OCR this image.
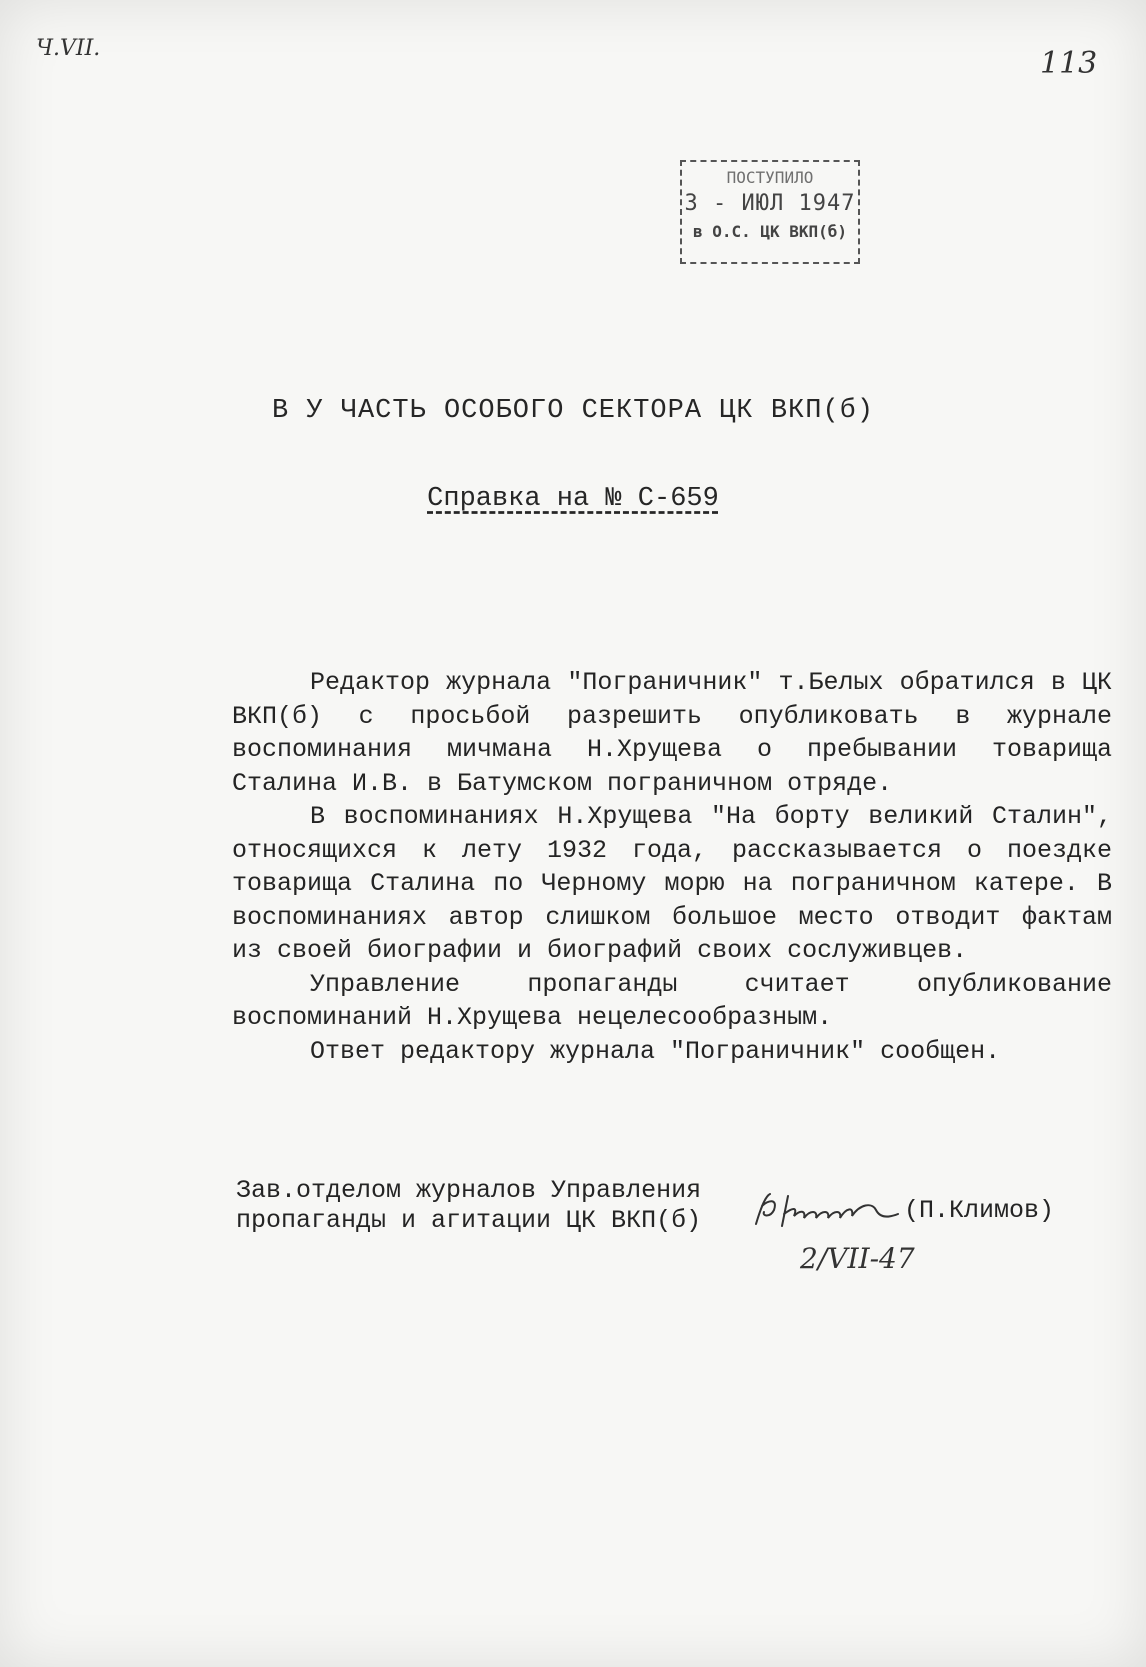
Ч.VII.	113
ПОСТУПИЛО
3 - ИЮЛ 1947
в О.С. ЦК ВКП(б)
В У ЧАСТЬ ОСОБОГО СЕКТОРА ЦК ВКП(б)
Справка на № С-659

Редактор журнала "Пограничник" т.Белых обратился в ЦК ВКП(б) с просьбой разрешить опубликовать в журнале воспоминания мичмана Н.Хрущева о пребывании товарища Сталина И.В. в Батумском пограничном отряде.

В воспоминаниях Н.Хрущева "На борту великий Сталин", относящихся к лету 1932 года, рассказывается о поездке товарища Сталина по Черному морю на пограничном катере. В воспоминаниях автор слишком большое место отводит фактам из своей биографии и биографий своих сослуживцев.

Управление пропаганды считает опубликование воспоминаний Н.Хрущева нецелесообразным.

Ответ редактору журнала "Пограничник" сообщен.

Зав.отделом журналов Управления
пропаганды и агитации ЦК ВКП(б)	(П.Климов)
2/VII-47
